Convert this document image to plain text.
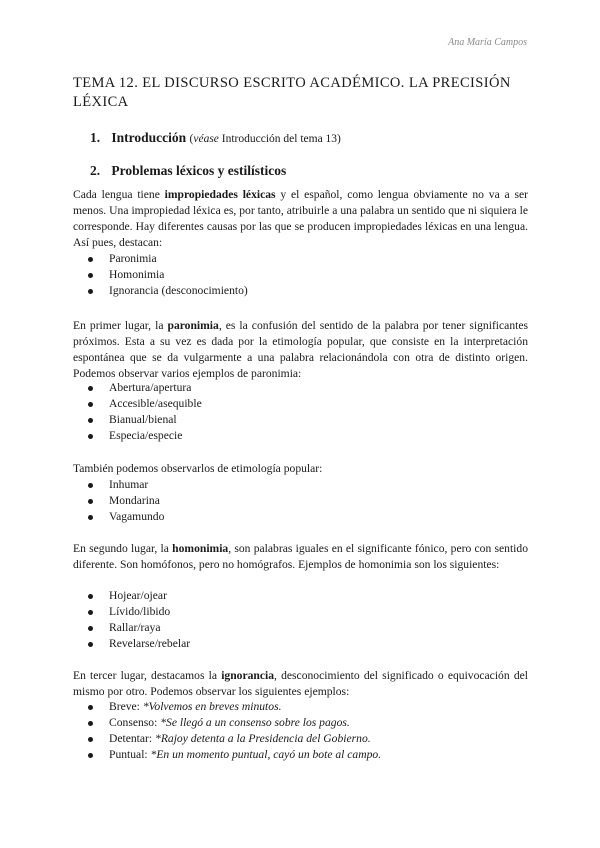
Ana María Campos
TEMA 12. EL DISCURSO ESCRITO ACADÉMICO. LA PRECISIÓN LÉXICA
1. Introducción (véase Introducción del tema 13)
2. Problemas léxicos y estilísticos

Cada lengua tiene impropiedades léxicas y el español, como lengua obviamente no va a ser menos. Una impropiedad léxica es, por tanto, atribuirle a una palabra un sentido que ni siquiera le corresponde. Hay diferentes causas por las que se producen impropiedades léxicas en una lengua. Así pues, destacan:

Paronimia
Homonimia
Ignorancia (desconocimiento)

En primer lugar, la paronimia, es la confusión del sentido de la palabra por tener significantes próximos. Esta a su vez es dada por la etimología popular, que consiste en la interpretación espontánea que se da vulgarmente a una palabra relacionándola con otra de distinto origen. Podemos observar varios ejemplos de paronimia:

Abertura/apertura
Accesible/asequible
Bianual/bienal
Especia/especie

También podemos observarlos de etimología popular:

Inhumar
Mondarina
Vagamundo

En segundo lugar, la homonimia, son palabras iguales en el significante fónico, pero con sentido diferente. Son homófonos, pero no homógrafos. Ejemplos de homonimia son los siguientes:

Hojear/ojear
Lívido/libido
Rallar/raya
Revelarse/rebelar

En tercer lugar, destacamos la ignorancia, desconocimiento del significado o equivocación del mismo por otro. Podemos observar los siguientes ejemplos:

Breve: *Volvemos en breves minutos.
Consenso: *Se llegó a un consenso sobre los pagos.
Detentar: *Rajoy detenta a la Presidencia del Gobierno.
Puntual: *En un momento puntual, cayó un bote al campo.
